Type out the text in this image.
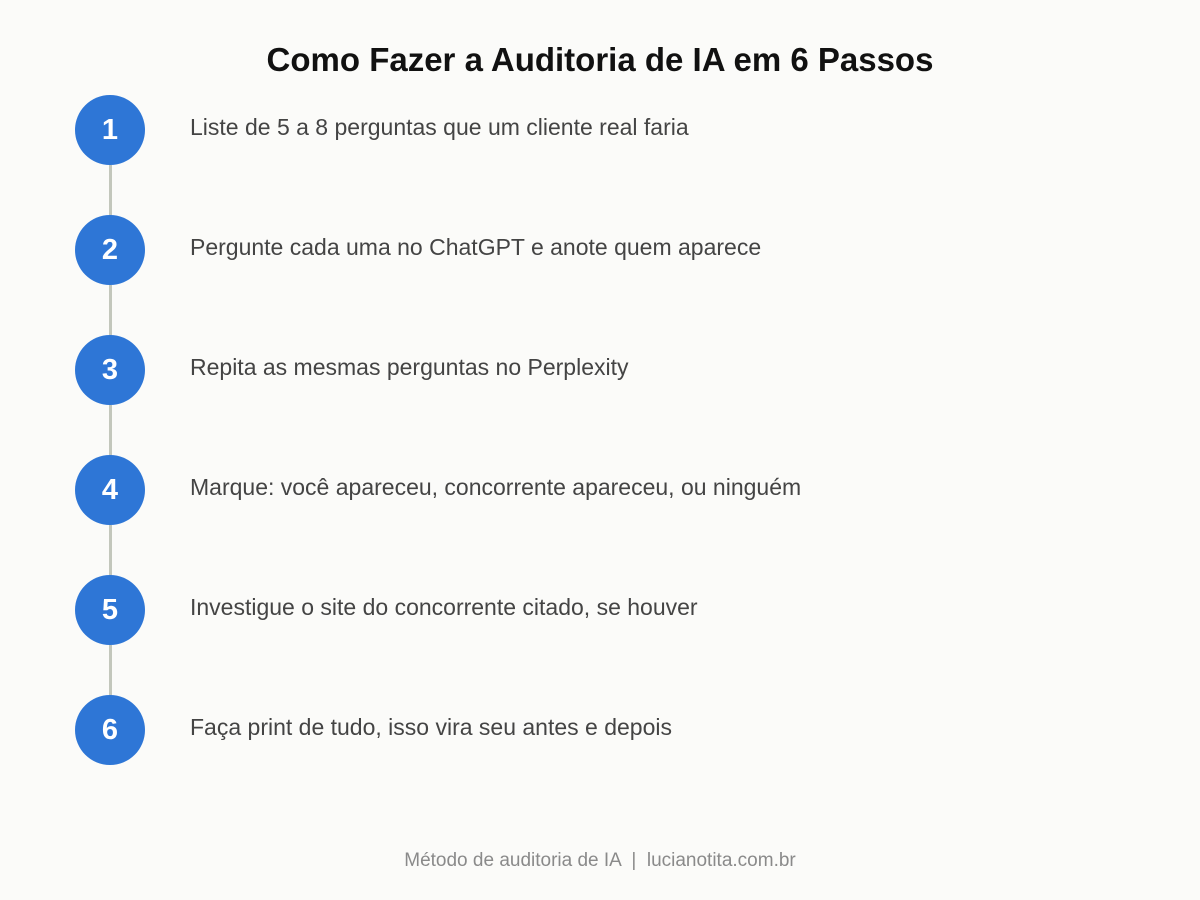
Como Fazer a Auditoria de IA em 6 Passos
1	Liste de 5 a 8 perguntas que um cliente real faria
2	Pergunte cada uma no ChatGPT e anote quem aparece
3	Repita as mesmas perguntas no Perplexity
4	Marque: você apareceu, concorrente apareceu, ou ninguém
5	Investigue o site do concorrente citado, se houver
6	Faça print de tudo, isso vira seu antes e depois
Método de auditoria de IA  |  lucianotita.com.br
